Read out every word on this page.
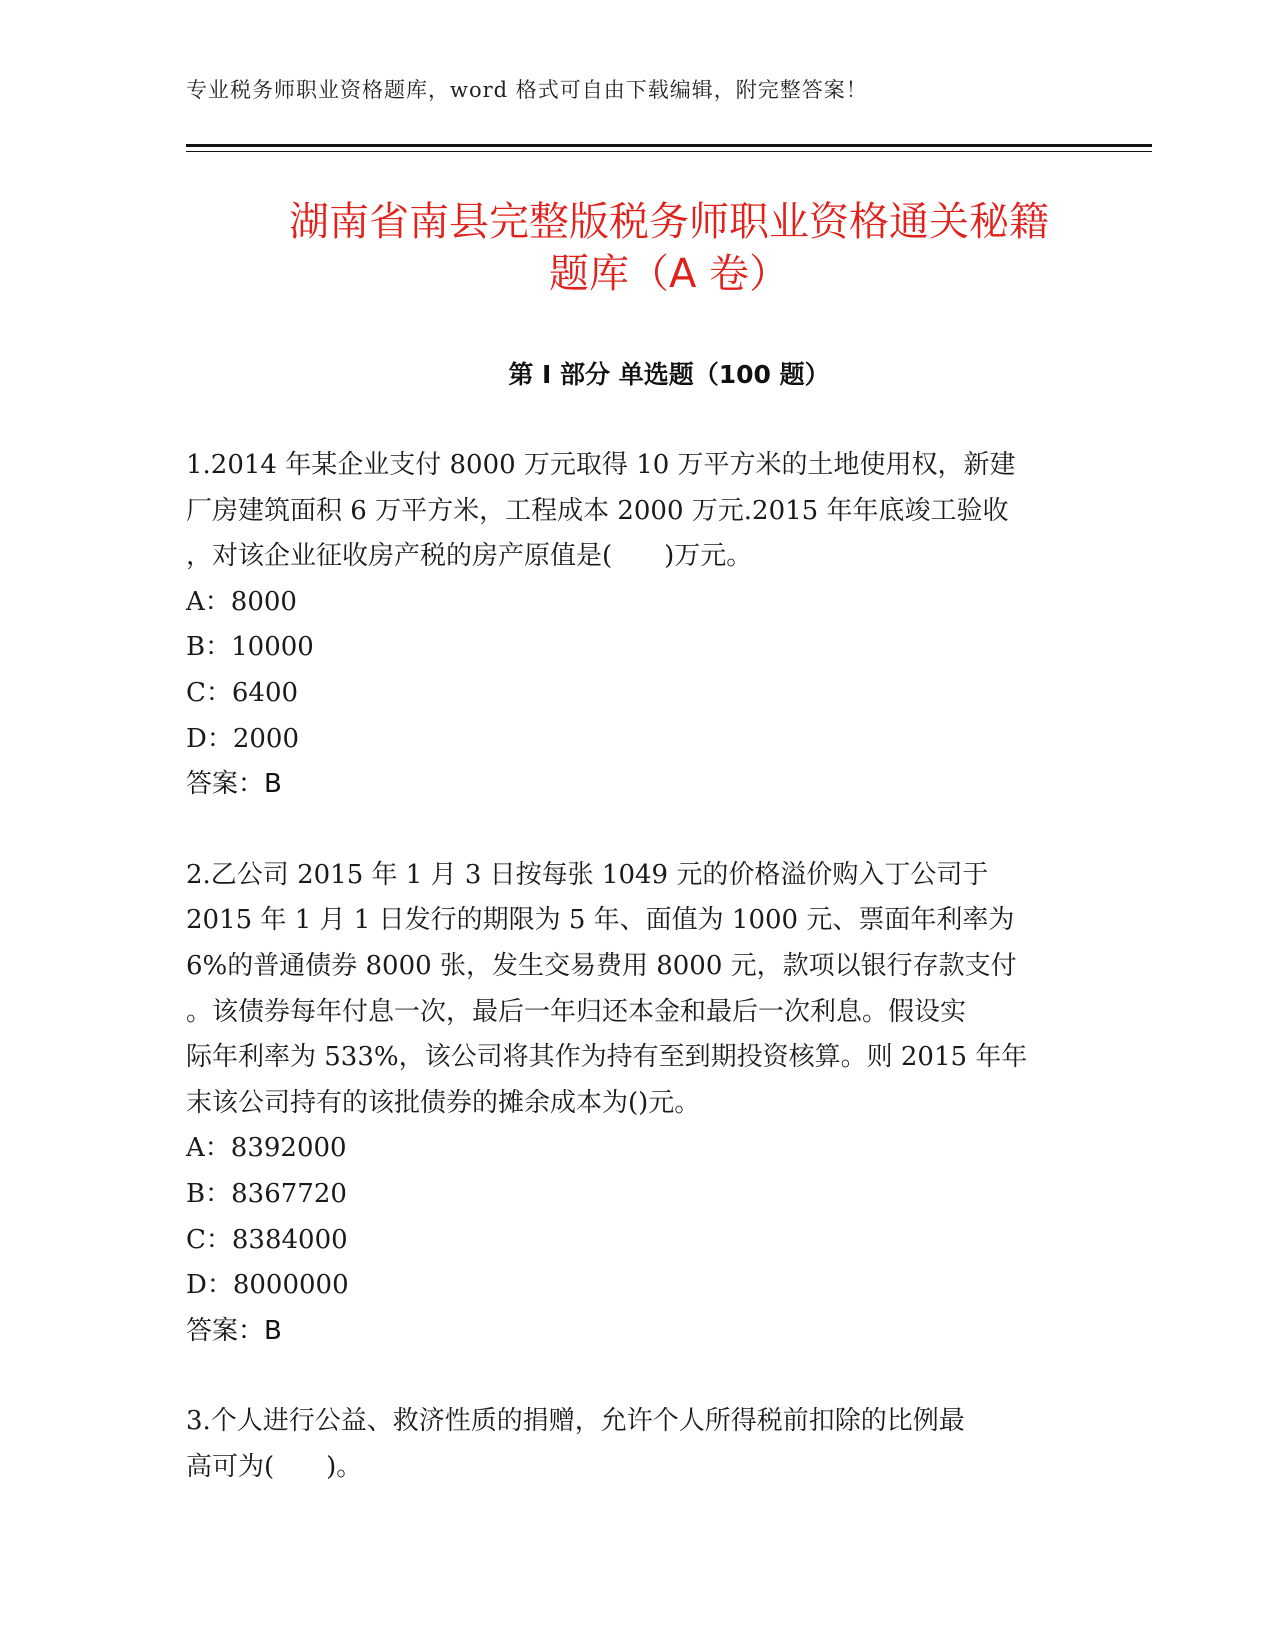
专业税务师职业资格题库，word 格式可自由下载编辑，附完整答案！
湖南省南县完整版税务师职业资格通关秘籍
题库（A 卷）
第 I 部分 单选题（100 题）

1.2014 年某企业支付 8000 万元取得 10 万平方米的土地使用权，新建
厂房建筑面积 6 万平方米，工程成本 2000 万元.2015 年年底竣工验收
，对该企业征收房产税的房产原值是(　　)万元。

A：8000

B：10000

C：6400

D：2000

答案：B

2.乙公司 2015 年 1 月 3 日按每张 1049 元的价格溢价购入丁公司于
2015 年 1 月 1 日发行的期限为 5 年、面值为 1000 元、票面年利率为
6%的普通债券 8000 张，发生交易费用 8000 元，款项以银行存款支付
。该债券每年付息一次，最后一年归还本金和最后一次利息。假设实
际年利率为 533%，该公司将其作为持有至到期投资核算。则 2015 年年
末该公司持有的该批债券的摊余成本为()元。

A：8392000

B：8367720

C：8384000

D：8000000

答案：B

3.个人进行公益、救济性质的捐赠，允许个人所得税前扣除的比例最
高可为(　　)。
